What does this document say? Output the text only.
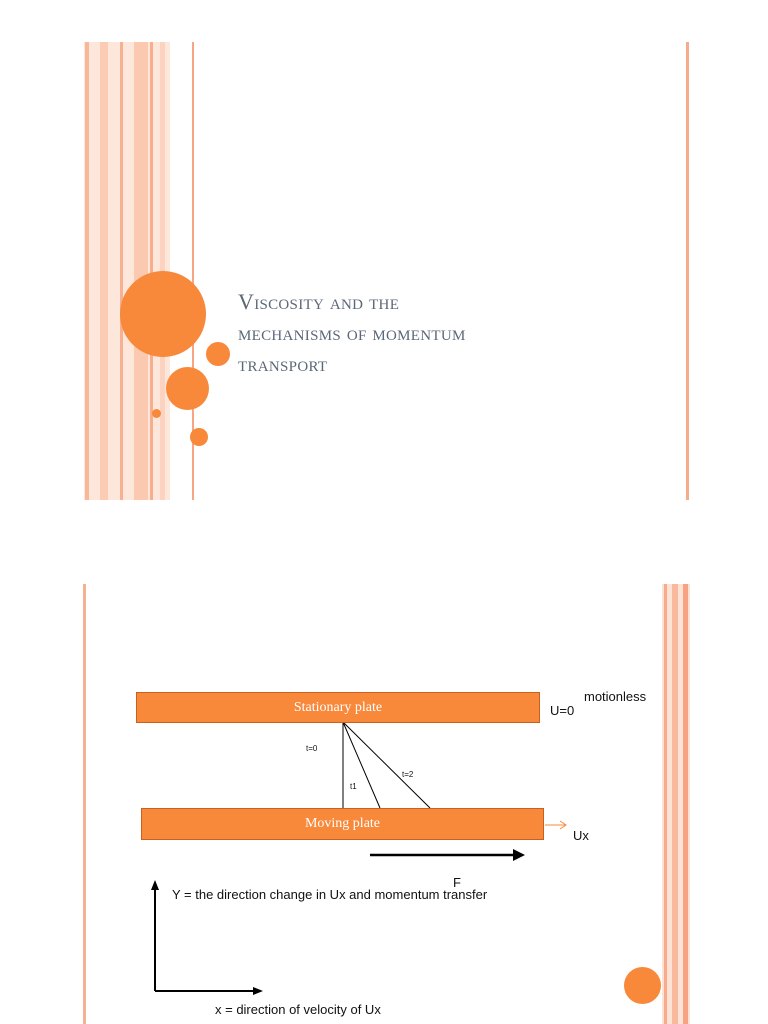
Viscosity and the
mechanisms of momentum
transport
Stationary plate
Moving plate
U=0
motionless
Ux
t=0
t1
t=2
F
Y = the direction change in Ux and momentum transfer
x = direction of velocity of Ux
